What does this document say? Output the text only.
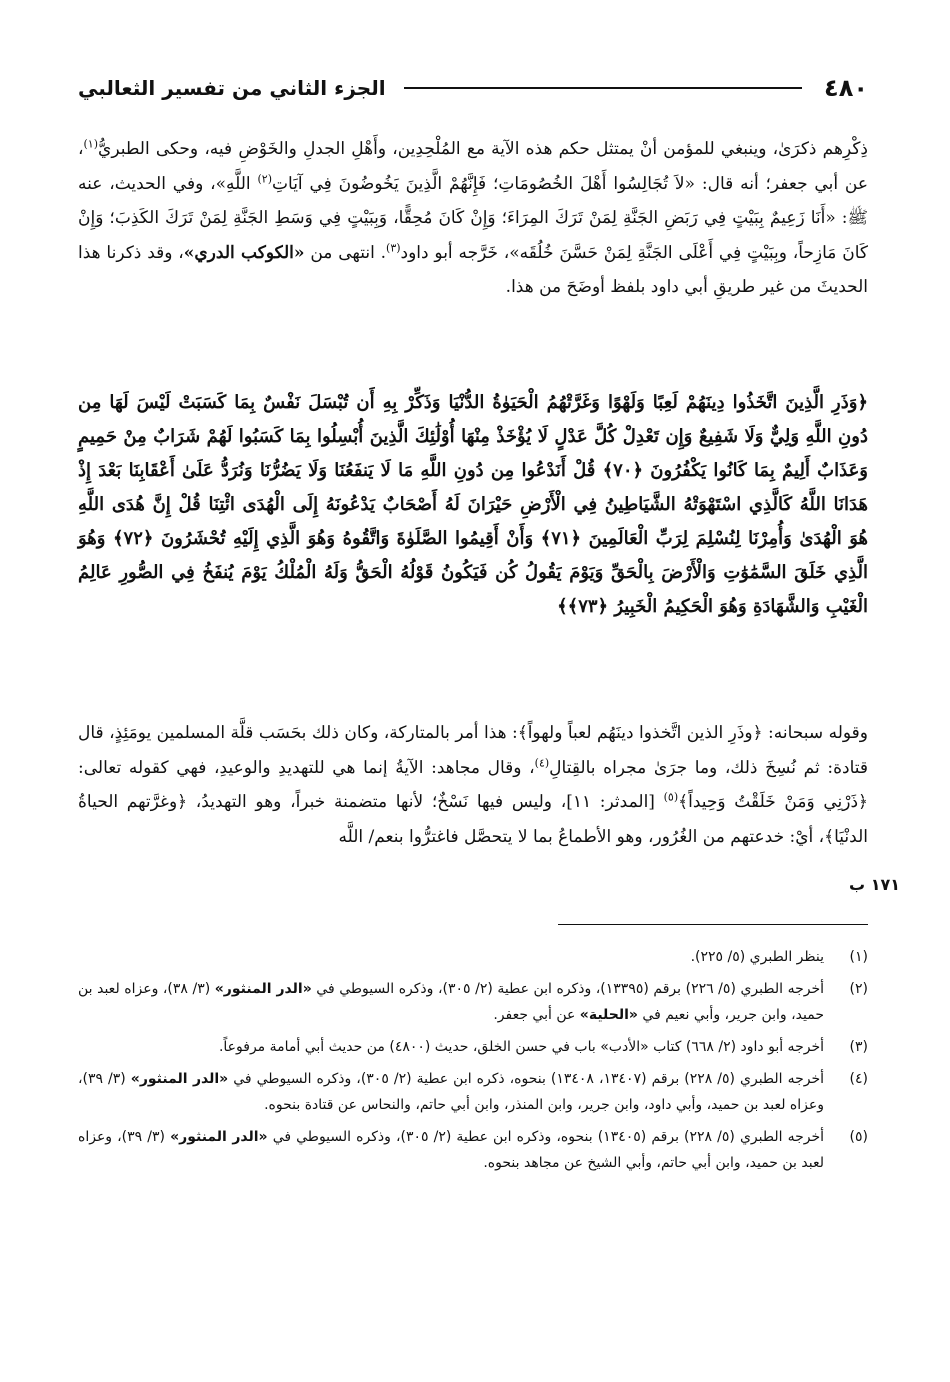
٤٨٠
الجزء الثاني من تفسير الثعالبي
ذِكْرِهم ذكرَىٰ، وينبغي للمؤمن أنْ يمتثل حكم هذه الآية مع المُلْحِدِين، وأَهْلِ الجدلِ والخَوْضِ فيه، وحكى الطبريُّ$^{(١)}$، عن أبي جعفر؛ أنه قال: «لاَ تُجَالِسُوا أَهْلَ الخُصُومَاتِ؛ فَإِنَّهُمْ الَّذِينَ يَخُوضُونَ فِي آيَاتِ$^{(٢)}$ اللَّهِ»، وفي الحديث، عنه ﷺ: «أَنَا زَعِيمٌ بِبَيْتٍ فِي رَبَضِ الجَنَّةِ لِمَنْ تَرَكَ المِرَاءَ؛ وَإِنْ كَانَ مُحِقًّا، وَبِبَيْتٍ فِي وَسَطِ الجَنَّةِ لِمَنْ تَرَكَ الكَذِبَ؛ وَإِنْ كَانَ مَازِحاً، وبِبَيْتٍ فِي أَعْلَى الجَنَّةِ لِمَنْ حَسَّنَ خُلُقَه»، خَرَّجه أبو داود$^{(٣)}$. انتهى من «الكوكب الدري»، وقد ذكرنا هذا الحديثَ من غير طريقِ أبي داود بلفظ أوضَحَ من هذا.
﴿وَذَرِ الَّذِينَ اتَّخَذُوا دِينَهُمْ لَعِبًا وَلَهْوًا وَغَرَّتْهُمُ الْحَيَوٰةُ الدُّنْيَا وَذَكِّرْ بِهِ أَن تُبْسَلَ نَفْسٌ بِمَا كَسَبَتْ لَيْسَ لَهَا مِن دُونِ اللَّهِ وَلِيٌّ وَلَا شَفِيعٌ وَإِن تَعْدِلْ كُلَّ عَدْلٍ لَا يُؤْخَذْ مِنْهَا أُوْلَٰئِكَ الَّذِينَ أُبْسِلُوا بِمَا كَسَبُوا لَهُمْ شَرَابٌ مِنْ حَمِيمٍ وَعَذَابٌ أَلِيمٌ بِمَا كَانُوا يَكْفُرُونَ ﴿٧٠﴾ قُلْ أَنَدْعُوا مِن دُونِ اللَّهِ مَا لَا يَنفَعُنَا وَلَا يَضُرُّنَا وَنُرَدُّ عَلَىٰ أَعْقَابِنَا بَعْدَ إِذْ هَدَانَا اللَّهُ كَالَّذِي اسْتَهْوَتْهُ الشَّيَاطِينُ فِي الْأَرْضِ حَيْرَانَ لَهُ أَصْحَابٌ يَدْعُونَهُ إِلَى الْهُدَى ائْتِنَا قُلْ إِنَّ هُدَى اللَّهِ هُوَ الْهُدَىٰ وَأُمِرْنَا لِنُسْلِمَ لِرَبِّ الْعَالَمِينَ ﴿٧١﴾ وَأَنْ أَقِيمُوا الصَّلَوٰةَ وَاتَّقُوهُ وَهُوَ الَّذِي إِلَيْهِ تُحْشَرُونَ ﴿٧٢﴾ وَهُوَ الَّذِي خَلَقَ السَّمَٰوَٰتِ وَالْأَرْضَ بِالْحَقِّ وَيَوْمَ يَقُولُ كُن فَيَكُونُ قَوْلُهُ الْحَقُّ وَلَهُ الْمُلْكُ يَوْمَ يُنفَخُ فِي الصُّورِ عَالِمُ الْغَيْبِ وَالشَّهَادَةِ وَهُوَ الْحَكِيمُ الْخَبِيرُ ﴿٧٣﴾﴾
وقوله سبحانه: ﴿وذَرِ الذين اتَّخذوا دينَهُم لعباً ولهواً﴾: هذا أمر بالمتاركة، وكان ذلك بحَسَب قلَّة المسلمين يومَئِذٍ، قال قتادة: ثم نُسِخَ ذلك، وما جرَىٰ مجراه بالقِتالِ$^{(٤)}$، وقال مجاهد: الآيةُ إنما هي للتهديدِ والوعيدِ، فهي كقوله تعالى: ﴿ذَرْنِي وَمَنْ خَلَقْتُ وَحِيداً﴾$^{(٥)}$ [المدثر: ١١]، وليس فيها نَسْخٌ؛ لأنها متضمنة خبراً، وهو التهديدُ، ﴿وغرَّتهم الحياةُ الدنْيَا﴾، أيْ: خدعتهم من الغُرُور، وهو الأطماعُ بما لا يتحصَّل فاغترُّوا بنعم/ اللَّه
١٧١ ب
(١)
ينظر الطبري (٥/ ٢٢٥).
(٢)
أخرجه الطبري (٥/ ٢٢٦) برقم (١٣٣٩٥)، وذكره ابن عطية (٢/ ٣٠٥)، وذكره السيوطي في «الدر المنثور» (٣/ ٣٨)، وعزاه لعبد بن حميد، وابن جرير، وأبي نعيم في «الحلية» عن أبي جعفر.
(٣)
أخرجه أبو داود (٢/ ٦٦٨) كتاب «الأدب» باب في حسن الخلق، حديث (٤٨٠٠) من حديث أبي أمامة مرفوعاً.
(٤)
أخرجه الطبري (٥/ ٢٢٨) برقم (١٣٤٠٧، ١٣٤٠٨) بنحوه، ذكره ابن عطية (٢/ ٣٠٥)، وذكره السيوطي في «الدر المنثور» (٣/ ٣٩)، وعزاه لعبد بن حميد، وأبي داود، وابن جرير، وابن المنذر، وابن أبي حاتم، والنحاس عن قتادة بنحوه.
(٥)
أخرجه الطبري (٥/ ٢٢٨) برقم (١٣٤٠٥) بنحوه، وذكره ابن عطية (٢/ ٣٠٥)، وذكره السيوطي في «الدر المنثور» (٣/ ٣٩)، وعزاه لعبد بن حميد، وابن أبي حاتم، وأبي الشيخ عن مجاهد بنحوه.
